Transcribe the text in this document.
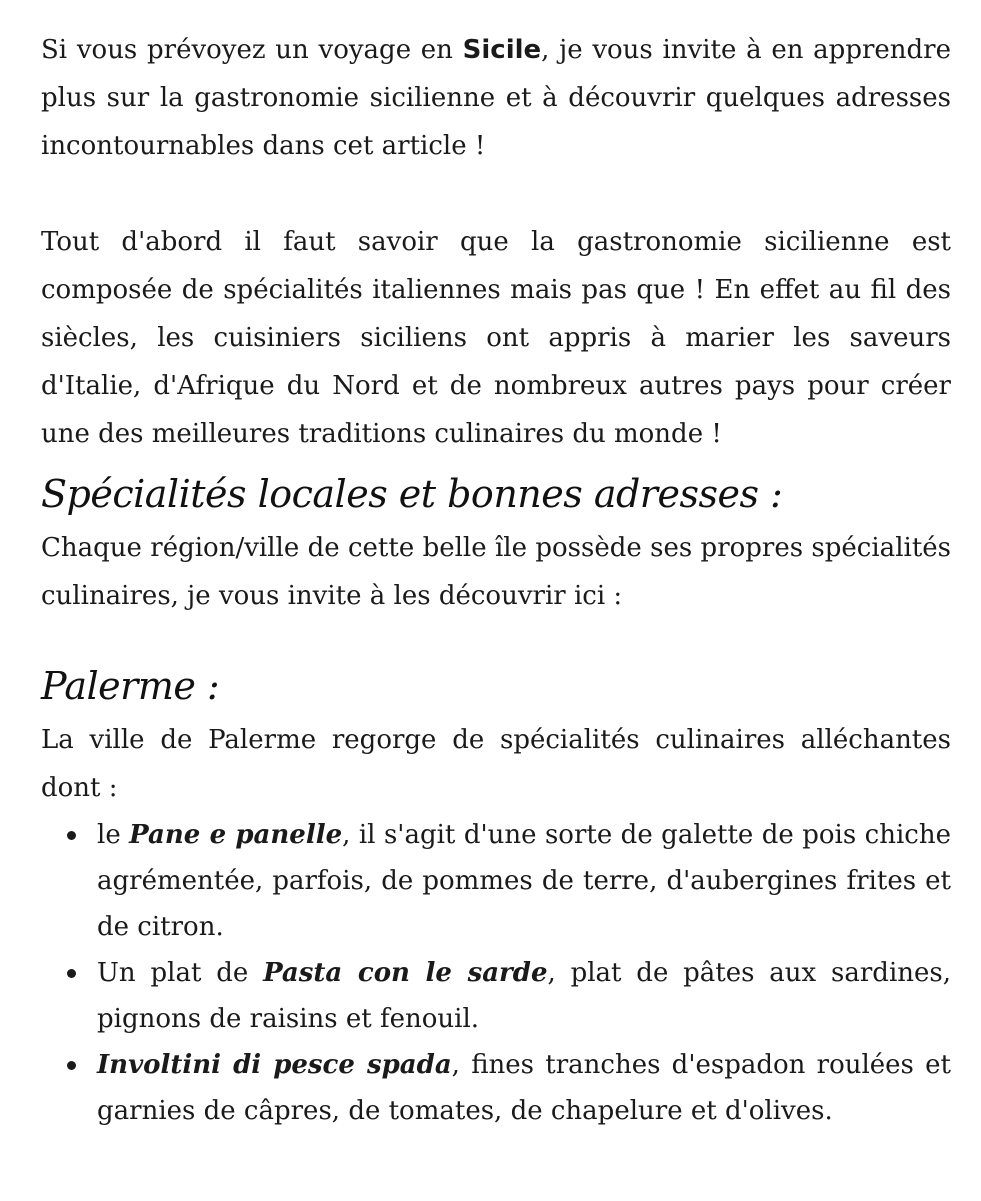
Si vous prévoyez un voyage en Sicile, je vous invite à en apprendre plus sur la gastronomie sicilienne et à découvrir quelques adresses incontournables dans cet article !

Tout d'abord il faut savoir que la gastronomie sicilienne est composée de spécialités italiennes mais pas que ! En effet au fil des siècles, les cuisiniers siciliens ont appris à marier les saveurs d'Italie, d'Afrique du Nord et de nombreux autres pays pour créer une des meilleures traditions culinaires du monde !

Spécialités locales et bonnes adresses :

Chaque région/ville de cette belle île possède ses propres spécialités culinaires, je vous invite à les découvrir ici :

Palerme :

La ville de Palerme regorge de spécialités culinaires alléchantes dont :

le Pane e panelle, il s'agit d'une sorte de galette de pois chiche agrémentée, parfois, de pommes de terre, d'aubergines frites et de citron.
Un plat de Pasta con le sarde, plat de pâtes aux sardines, pignons de raisins et fenouil.
Involtini di pesce spada, fines tranches d'espadon roulées et garnies de câpres, de tomates, de chapelure et d'olives.
